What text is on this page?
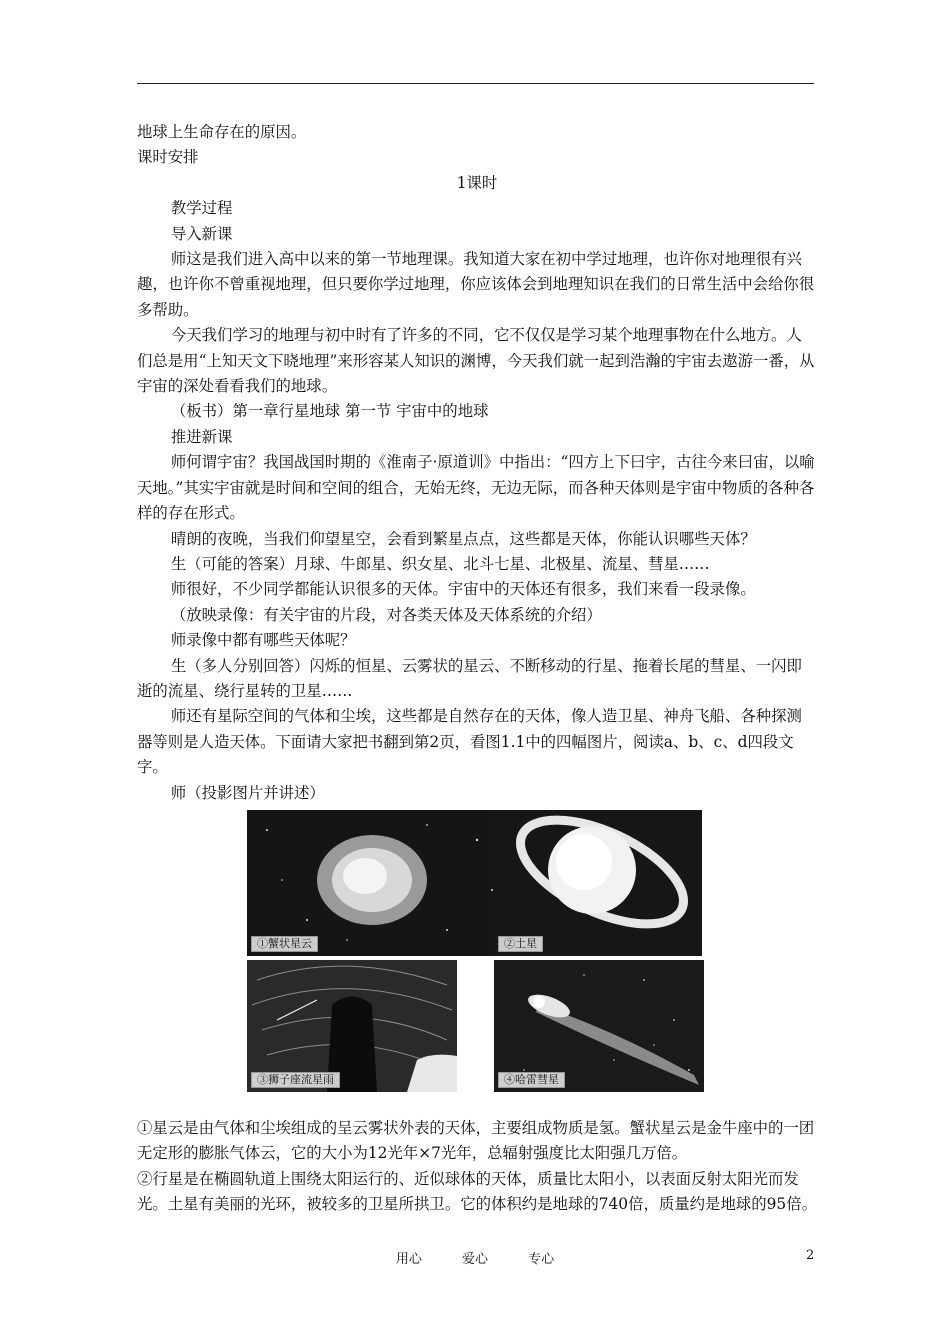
地球上生命存在的原因。

课时安排

1课时

教学过程

导入新课

师这是我们进入高中以来的第一节地理课。我知道大家在初中学过地理，也许你对地理很有兴趣，也许你不曾重视地理，但只要你学过地理，你应该体会到地理知识在我们的日常生活中会给你很多帮助。

今天我们学习的地理与初中时有了许多的不同，它不仅仅是学习某个地理事物在什么地方。人们总是用“上知天文下晓地理”来形容某人知识的渊博，今天我们就一起到浩瀚的宇宙去遨游一番，从宇宙的深处看看我们的地球。

（板书）第一章行星地球 第一节 宇宙中的地球

推进新课

师何谓宇宙？我国战国时期的《淮南子·原道训》中指出：“四方上下曰宇，古往今来曰宙，以喻天地。”其实宇宙就是时间和空间的组合，无始无终，无边无际，而各种天体则是宇宙中物质的各种各样的存在形式。

晴朗的夜晚，当我们仰望星空，会看到繁星点点，这些都是天体，你能认识哪些天体？

生（可能的答案）月球、牛郎星、织女星、北斗七星、北极星、流星、彗星……

师很好，不少同学都能认识很多的天体。宇宙中的天体还有很多，我们来看一段录像。

（放映录像：有关宇宙的片段，对各类天体及天体系统的介绍）

师录像中都有哪些天体呢？

生（多人分别回答）闪烁的恒星、云雾状的星云、不断移动的行星、拖着长尾的彗星、一闪即逝的流星、绕行星转的卫星……

师还有星际空间的气体和尘埃，这些都是自然存在的天体，像人造卫星、神舟飞船、各种探测器等则是人造天体。下面请大家把书翻到第2页，看图1.1中的四幅图片，阅读a、b、c、d四段文字。

师（投影图片并讲述）

①蟹状星云	②土星
③狮子座流星雨	④哈雷彗星

①星云是由气体和尘埃组成的呈云雾状外表的天体，主要组成物质是氢。蟹状星云是金牛座中的一团无定形的膨胀气体云，它的大小为12光年×7光年，总辐射强度比太阳强几万倍。

②行星是在椭圆轨道上围绕太阳运行的、近似球体的天体，质量比太阳小，以表面反射太阳光而发光。土星有美丽的光环，被较多的卫星所拱卫。它的体积约是地球的740倍，质量约是地球的95倍。

用心	爱心	专心	2
